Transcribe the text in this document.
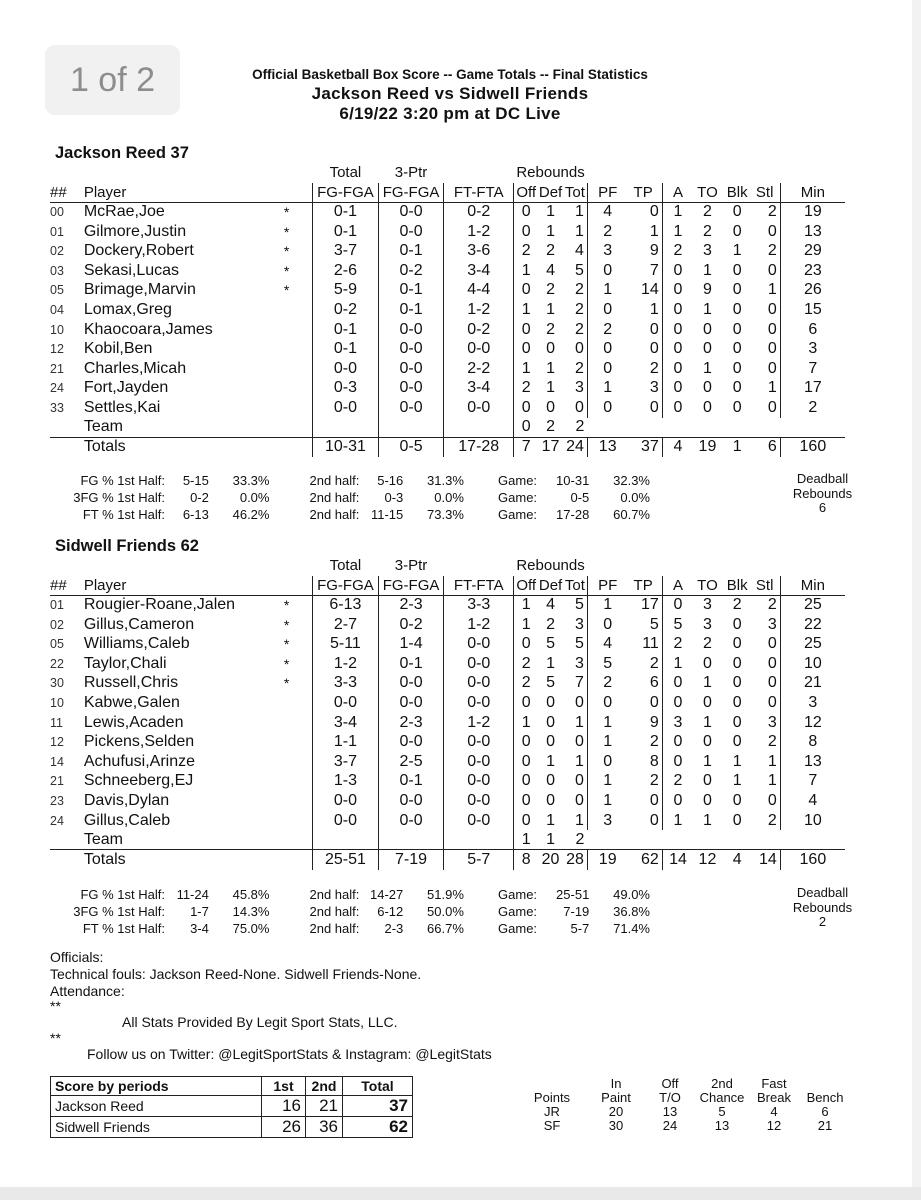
1 of 2	Official Basketball Box Score -- Game Totals -- Final Statistics
Jackson Reed vs Sidwell Friends
6/19/22 3:20 pm at DC Live
Jackson Reed 37
			Total	3-Ptr		Rebounds									
##	Player		FG-FGA	FG-FGA	FT-FTA	Off	Def	Tot	PF	TP	A	TO	Blk	Stl	Min
00	McRae,Joe	*	0-1	0-0	0-2	0	1	1	4	0	1	2	0	2	19
01	Gilmore,Justin	*	0-1	0-0	1-2	0	1	1	2	1	1	2	0	0	13
02	Dockery,Robert	*	3-7	0-1	3-6	2	2	4	3	9	2	3	1	2	29
03	Sekasi,Lucas	*	2-6	0-2	3-4	1	4	5	0	7	0	1	0	0	23
05	Brimage,Marvin	*	5-9	0-1	4-4	0	2	2	1	14	0	9	0	1	26
04	Lomax,Greg		0-2	0-1	1-2	1	1	2	0	1	0	1	0	0	15
10	Khaocoara,James		0-1	0-0	0-2	0	2	2	2	0	0	0	0	0	6
12	Kobil,Ben		0-1	0-0	0-0	0	0	0	0	0	0	0	0	0	3
21	Charles,Micah		0-0	0-0	2-2	1	1	2	0	2	0	1	0	0	7
24	Fort,Jayden		0-3	0-0	3-4	2	1	3	1	3	0	0	0	1	17
33	Settles,Kai		0-0	0-0	0-0	0	0	0	0	0	0	0	0	0	2
	Team					0	2	2							
	Totals		10-31	0-5	17-28	7	17	24	13	37	4	19	1	6	160
FG % 1st Half:	5-15	33.3%	2nd half:	5-16	31.3%	Game:	10-31	32.3%
3FG % 1st Half:	0-2	0.0%	2nd half:	0-3	0.0%	Game:	0-5	0.0%
FT % 1st Half:	6-13	46.2%	2nd half:	11-15	73.3%	Game:	17-28	60.7%
Deadball
Rebounds
6
Sidwell Friends 62
			Total	3-Ptr		Rebounds									
##	Player		FG-FGA	FG-FGA	FT-FTA	Off	Def	Tot	PF	TP	A	TO	Blk	Stl	Min
01	Rougier-Roane,Jalen	*	6-13	2-3	3-3	1	4	5	1	17	0	3	2	2	25
02	Gillus,Cameron	*	2-7	0-2	1-2	1	2	3	0	5	5	3	0	3	22
05	Williams,Caleb	*	5-11	1-4	0-0	0	5	5	4	11	2	2	0	0	25
22	Taylor,Chali	*	1-2	0-1	0-0	2	1	3	5	2	1	0	0	0	10
30	Russell,Chris	*	3-3	0-0	0-0	2	5	7	2	6	0	1	0	0	21
10	Kabwe,Galen		0-0	0-0	0-0	0	0	0	0	0	0	0	0	0	3
11	Lewis,Acaden		3-4	2-3	1-2	1	0	1	1	9	3	1	0	3	12
12	Pickens,Selden		1-1	0-0	0-0	0	0	0	1	2	0	0	0	2	8
14	Achufusi,Arinze		3-7	2-5	0-0	0	1	1	0	8	0	1	1	1	13
21	Schneeberg,EJ		1-3	0-1	0-0	0	0	0	1	2	2	0	1	1	7
23	Davis,Dylan		0-0	0-0	0-0	0	0	0	1	0	0	0	0	0	4
24	Gillus,Caleb		0-0	0-0	0-0	0	1	1	3	0	1	1	0	2	10
	Team					1	1	2							
	Totals		25-51	7-19	5-7	8	20	28	19	62	14	12	4	14	160
FG % 1st Half:	11-24	45.8%	2nd half:	14-27	51.9%	Game:	25-51	49.0%
3FG % 1st Half:	1-7	14.3%	2nd half:	6-12	50.0%	Game:	7-19	36.8%
FT % 1st Half:	3-4	75.0%	2nd half:	2-3	66.7%	Game:	5-7	71.4%
Deadball
Rebounds
2
Officials:
Technical fouls: Jackson Reed-None. Sidwell Friends-None.
Attendance:
**
All Stats Provided By Legit Sport Stats, LLC.
**
Follow us on Twitter: @LegitSportStats & Instagram: @LegitStats
Score by periods	1st	2nd	Total
Jackson Reed	16	21	37
Sidwell Friends	26	36	62
	In	Off	2nd	Fast	
Points	Paint	T/O	Chance	Break	Bench
JR	20	13	5	4	6
SF	30	24	13	12	21
